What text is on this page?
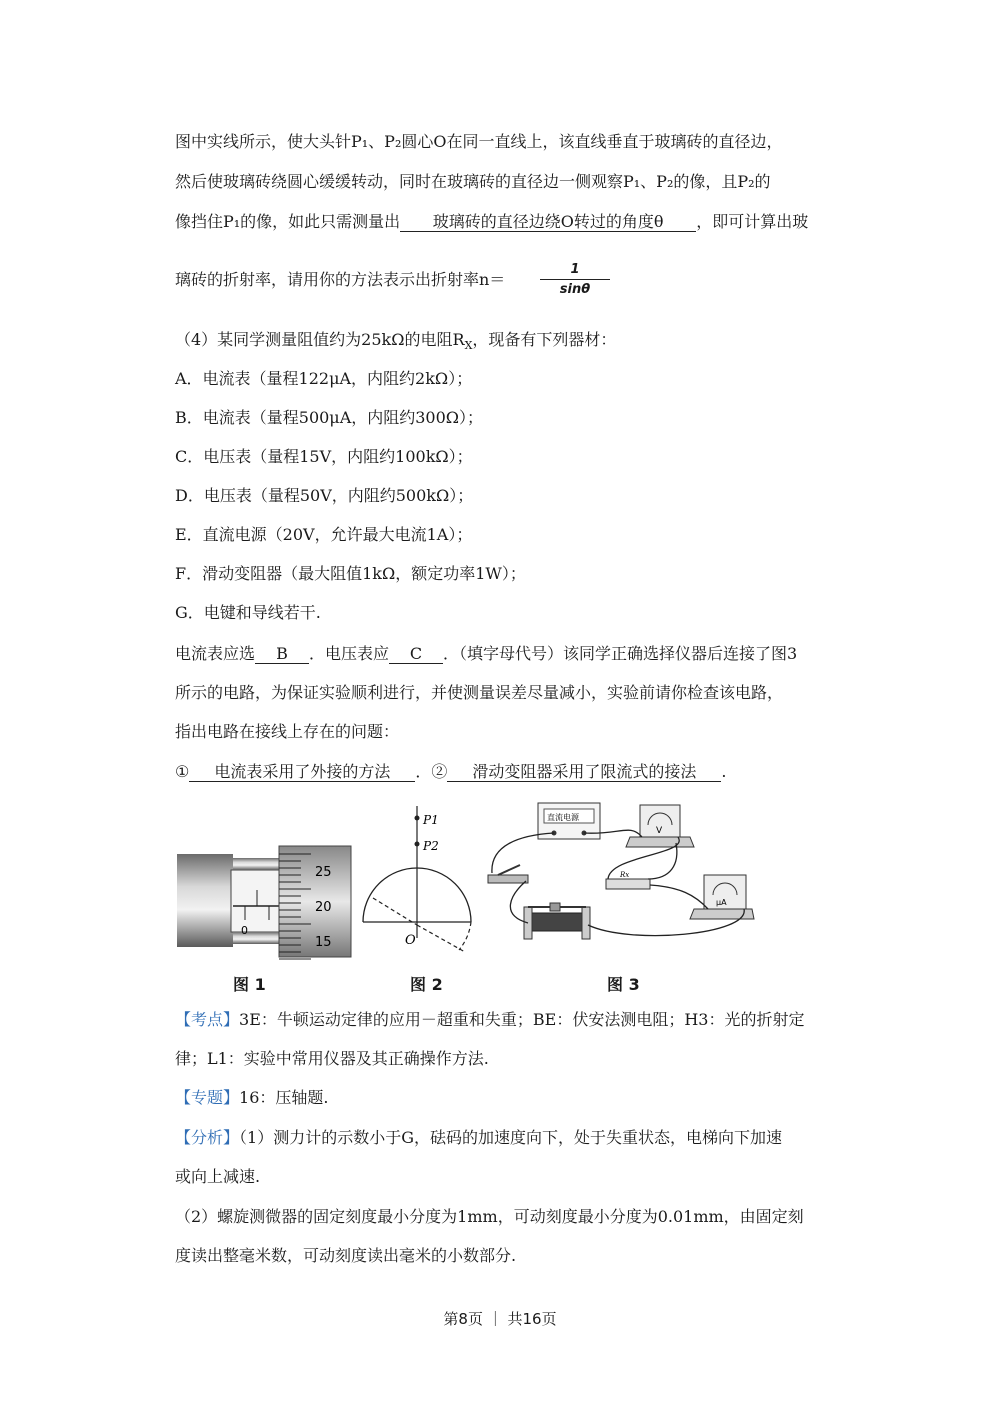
图中实线所示，使大头针P₁、P₂圆心O在同一直线上，该直线垂直于玻璃砖的直径边，
然后使玻璃砖绕圆心缓缓转动，同时在玻璃砖的直径边一侧观察P₁、P₂的像，且P₂的
像挡住P₁的像，如此只需测量出 玻璃砖的直径边绕O转过的角度θ ，即可计算出玻
璃砖的折射率，请用你的方法表示出折射率n＝
1
sinθ
（4）某同学测量阻值约为25kΩ的电阻$R_X$，现备有下列器材：
A．电流表（量程122μA，内阻约2kΩ）；
B．电流表（量程500μA，内阻约300Ω）；
C．电压表（量程15V，内阻约100kΩ）；
D．电压表（量程50V，内阻约500kΩ）；
E．直流电源（20V，允许最大电流1A）；
F．滑动变阻器（最大阻值1kΩ，额定功率1W）；
G．电键和导线若干.
电流表应选 B ．电压表应 C ．（填字母代号）该同学正确选择仪器后连接了图3
所示的电路，为保证实验顺利进行，并使测量误差尽量减小，实验前请你检查该电路，
指出电路在接线上存在的问题：
① 电流表采用了外接的方法 ．② 滑动变阻器采用了限流式的接法 .
0
25
20
15
P1
P2
O
直流电源
V
μA
Rx
图 1	图 2	图 3
【考点】3E：牛顿运动定律的应用－超重和失重；BE：伏安法测电阻；H3：光的折射定
律；L1：实验中常用仪器及其正确操作方法.
【专题】16：压轴题.
【分析】（1）测力计的示数小于G，砝码的加速度向下，处于失重状态，电梯向下加速
或向上减速.
（2）螺旋测微器的固定刻度最小分度为1mm，可动刻度最小分度为0.01mm，由固定刻
度读出整毫米数，可动刻度读出毫米的小数部分.
第8页 ｜ 共16页
